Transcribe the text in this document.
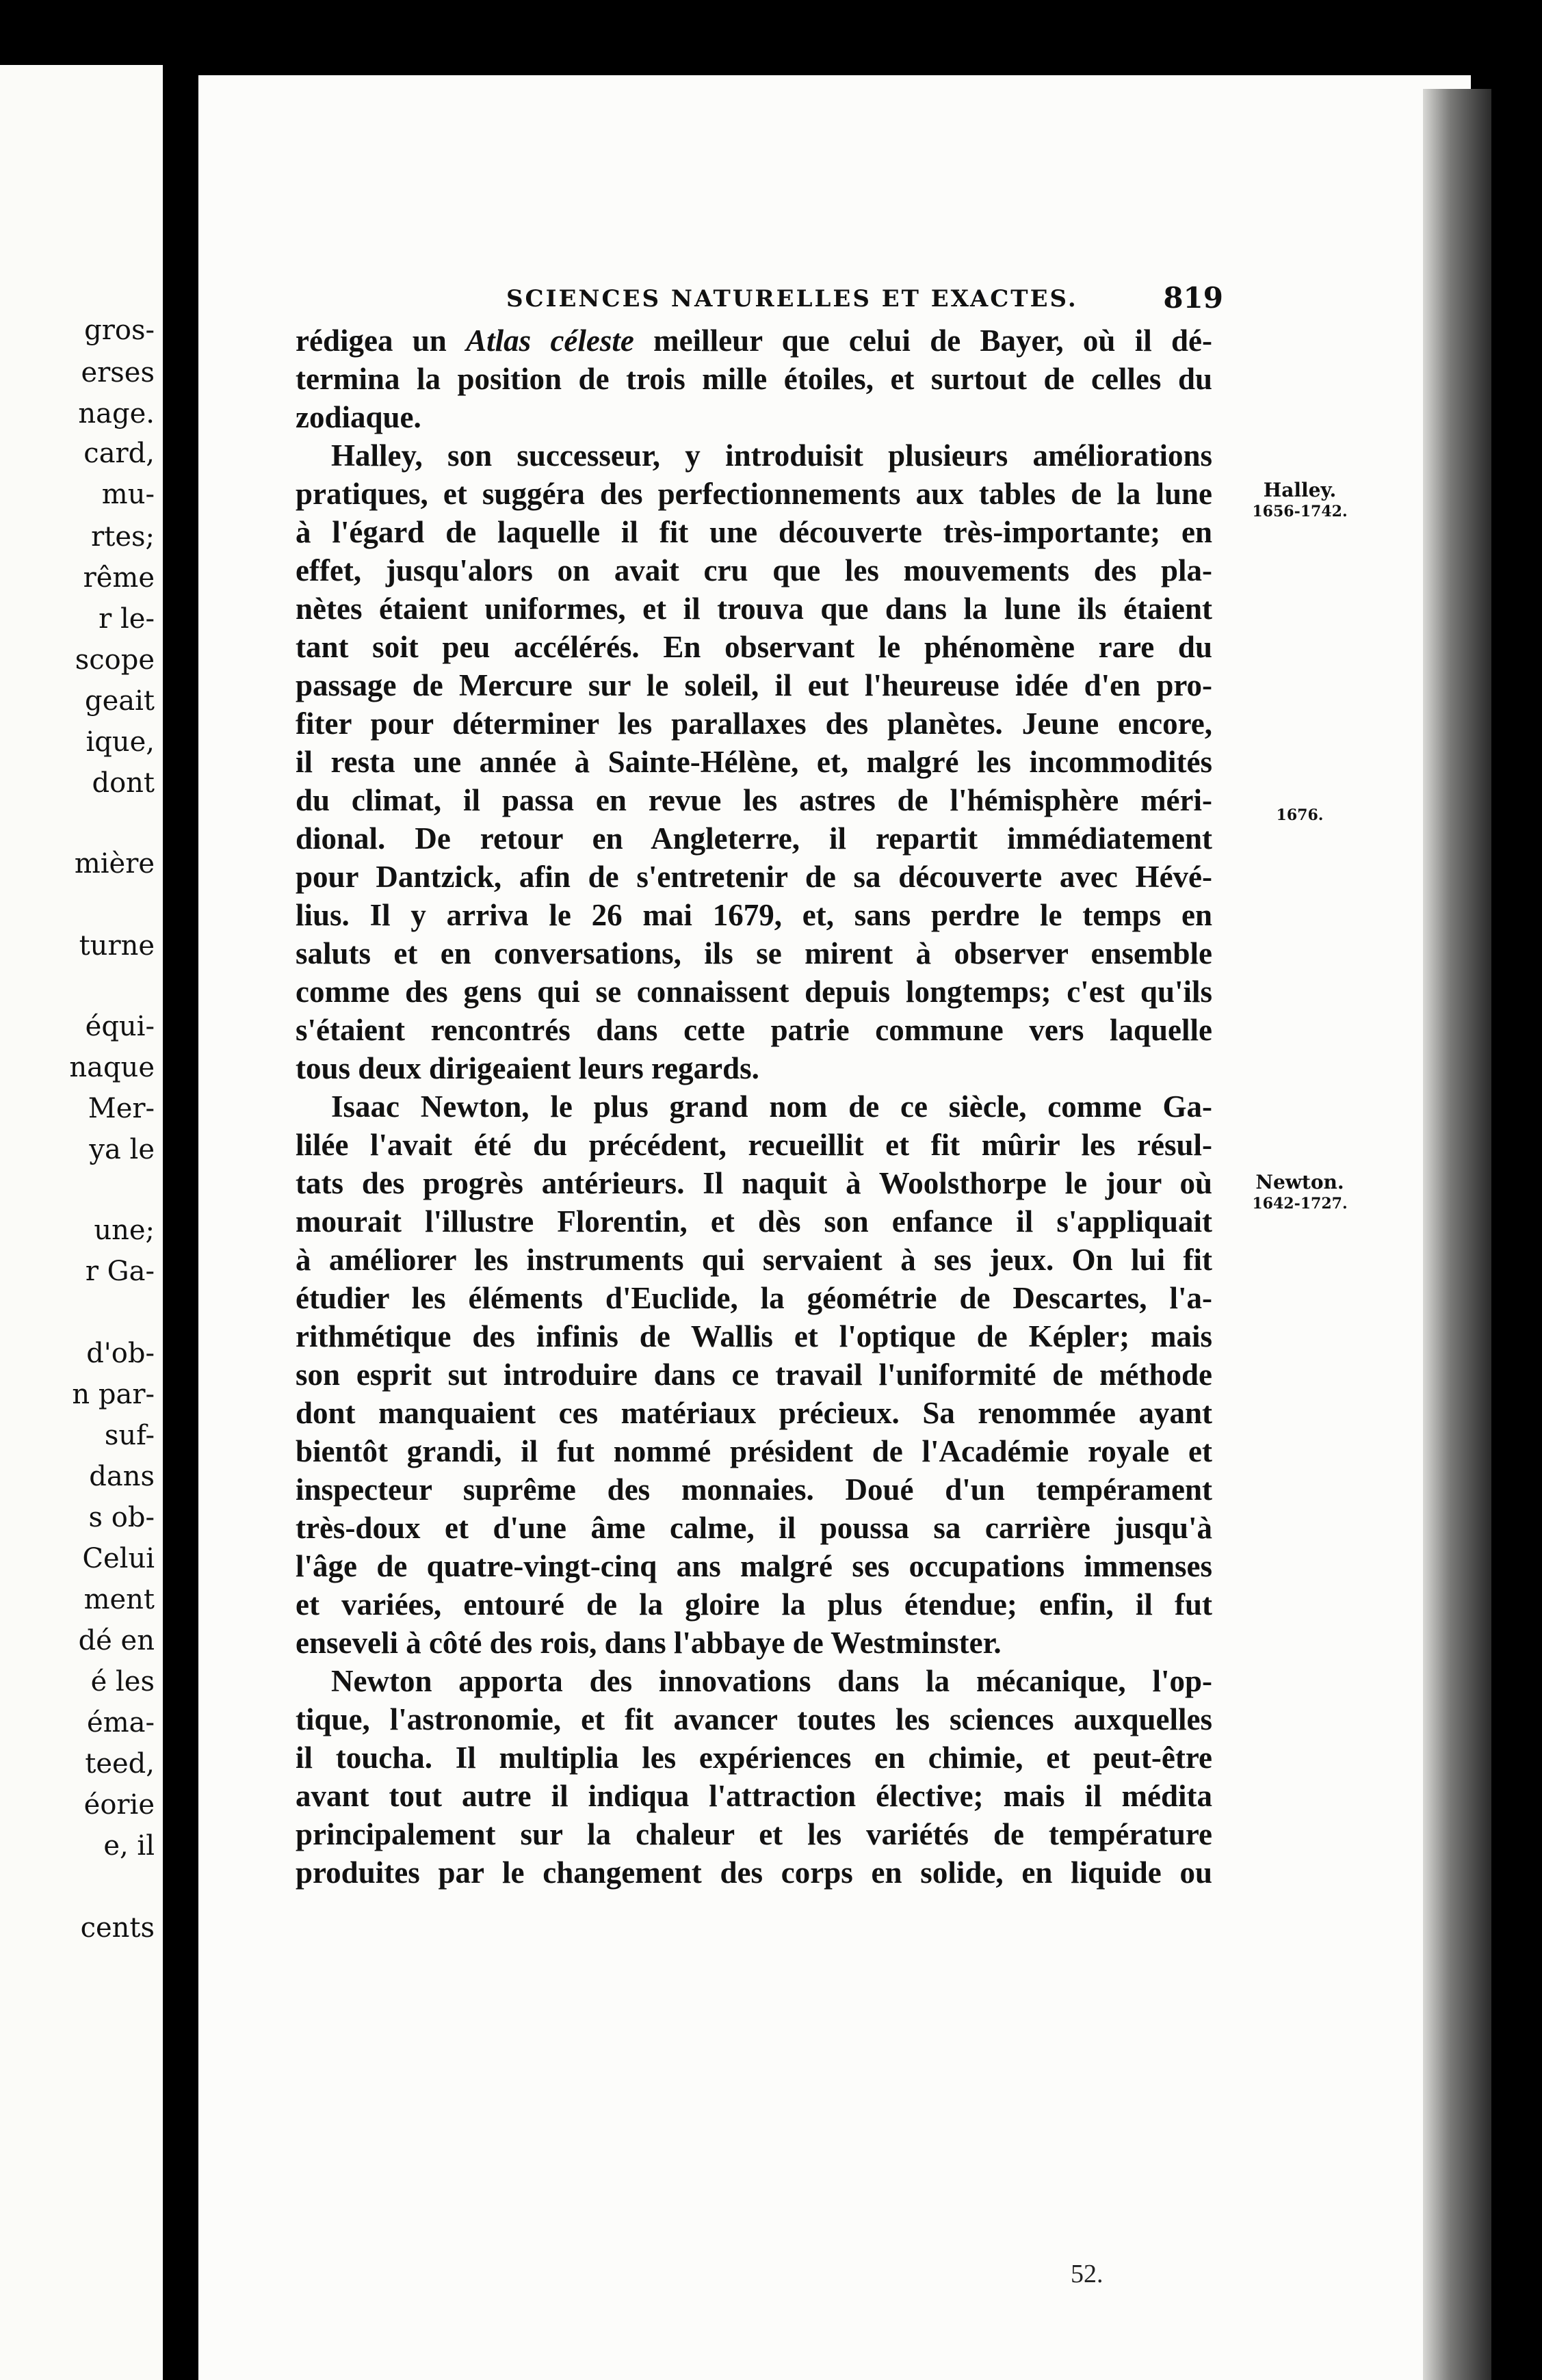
gros-
erses
nage.
card,
mu-
rtes;
rême
r le-
scope
geait
ique,
dont
mière
turne
équi-
naque
Mer-
ya le
une;
r Ga-
d'ob-
n par-
suf-
dans
s ob-
Celui
ment
dé en
é les
éma-
teed,
éorie
e, il
cents
SCIENCES NATURELLES ET EXACTES.	819
rédigea un Atlas céleste meilleur que celui de Bayer, où il dé-
termina la position de trois mille étoiles, et surtout de celles du
zodiaque.
Halley, son successeur, y introduisit plusieurs améliorations
pratiques, et suggéra des perfectionnements aux tables de la lune
à l'égard de laquelle il fit une découverte très-importante; en
effet, jusqu'alors on avait cru que les mouvements des pla-
nètes étaient uniformes, et il trouva que dans la lune ils étaient
tant soit peu accélérés. En observant le phénomène rare du
passage de Mercure sur le soleil, il eut l'heureuse idée d'en pro-
fiter pour déterminer les parallaxes des planètes. Jeune encore,
il resta une année à Sainte-Hélène, et, malgré les incommodités
du climat, il passa en revue les astres de l'hémisphère méri-
dional. De retour en Angleterre, il repartit immédiatement
pour Dantzick, afin de s'entretenir de sa découverte avec Hévé-
lius. Il y arriva le 26 mai 1679, et, sans perdre le temps en
saluts et en conversations, ils se mirent à observer ensemble
comme des gens qui se connaissent depuis longtemps; c'est qu'ils
s'étaient rencontrés dans cette patrie commune vers laquelle
tous deux dirigeaient leurs regards.
Isaac Newton, le plus grand nom de ce siècle, comme Ga-
lilée l'avait été du précédent, recueillit et fit mûrir les résul-
tats des progrès antérieurs. Il naquit à Woolsthorpe le jour où
mourait l'illustre Florentin, et dès son enfance il s'appliquait
à améliorer les instruments qui servaient à ses jeux. On lui fit
étudier les éléments d'Euclide, la géométrie de Descartes, l'a-
rithmétique des infinis de Wallis et l'optique de Képler; mais
son esprit sut introduire dans ce travail l'uniformité de méthode
dont manquaient ces matériaux précieux. Sa renommée ayant
bientôt grandi, il fut nommé président de l'Académie royale et
inspecteur suprême des monnaies. Doué d'un tempérament
très-doux et d'une âme calme, il poussa sa carrière jusqu'à
l'âge de quatre-vingt-cinq ans malgré ses occupations immenses
et variées, entouré de la gloire la plus étendue; enfin, il fut
enseveli à côté des rois, dans l'abbaye de Westminster.
Newton apporta des innovations dans la mécanique, l'op-
tique, l'astronomie, et fit avancer toutes les sciences auxquelles
il toucha. Il multiplia les expériences en chimie, et peut-être
avant tout autre il indiqua l'attraction élective; mais il médita
principalement sur la chaleur et les variétés de température
produites par le changement des corps en solide, en liquide ou
Halley.
1656-1742.
1676.
Newton.
1642-1727.
52.
